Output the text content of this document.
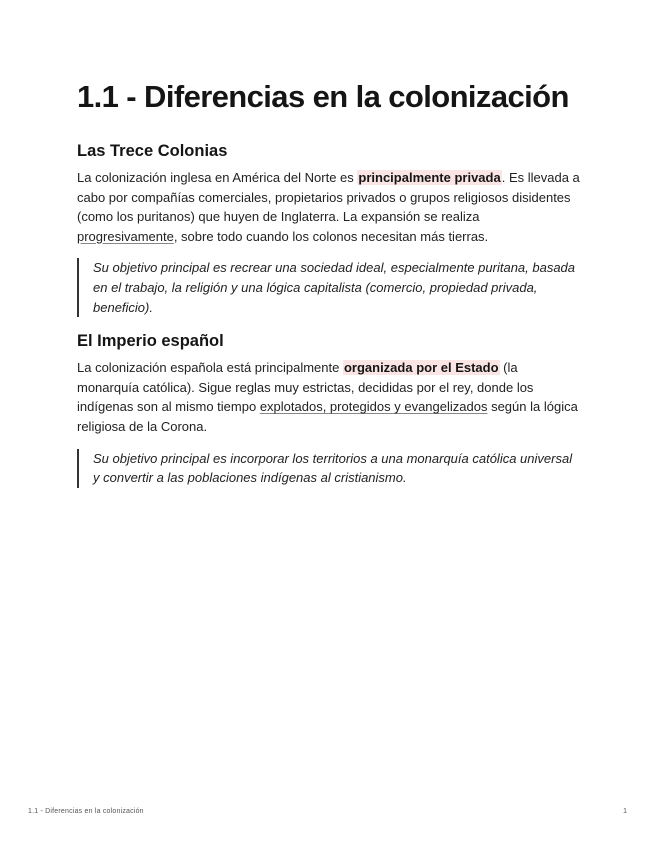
1.1 - Diferencias en la colonización
Las Trece Colonias

La colonización inglesa en América del Norte es principalmente privada. Es llevada a cabo por compañías comerciales, propietarios privados o grupos religiosos disidentes (como los puritanos) que huyen de Inglaterra. La expansión se realiza progresivamente, sobre todo cuando los colonos necesitan más tierras.

Su objetivo principal es recrear una sociedad ideal, especialmente puritana, basada en el trabajo, la religión y una lógica capitalista (comercio, propiedad privada, beneficio).
El Imperio español

La colonización española está principalmente organizada por el Estado (la monarquía católica). Sigue reglas muy estrictas, decididas por el rey, donde los indígenas son al mismo tiempo explotados, protegidos y evangelizados según la lógica religiosa de la Corona.

Su objetivo principal es incorporar los territorios a una monarquía católica universal y convertir a las poblaciones indígenas al cristianismo.
1.1 - Diferencias en la colonización	1
